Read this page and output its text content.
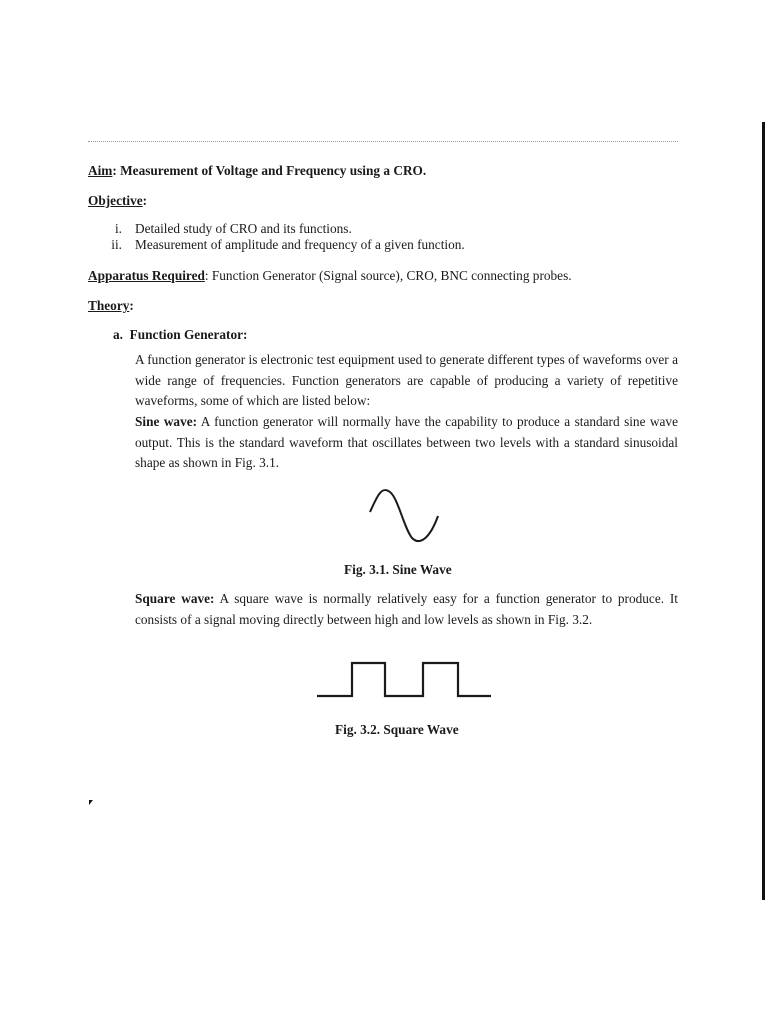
Aim: Measurement of Voltage and Frequency using a CRO.
Objective:
i. Detailed study of CRO and its functions.
ii. Measurement of amplitude and frequency of a given function.
Apparatus Required: Function Generator (Signal source), CRO, BNC connecting probes.
Theory:
a. Function Generator:
A function generator is electronic test equipment used to generate different types of waveforms over a wide range of frequencies. Function generators are capable of producing a variety of repetitive waveforms, some of which are listed below:
Sine wave: A function generator will normally have the capability to produce a standard sine wave output. This is the standard waveform that oscillates between two levels with a standard sinusoidal shape as shown in Fig. 3.1.
Fig. 3.1. Sine Wave
Square wave: A square wave is normally relatively easy for a function generator to produce. It consists of a signal moving directly between high and low levels as shown in Fig. 3.2.
Fig. 3.2. Square Wave
